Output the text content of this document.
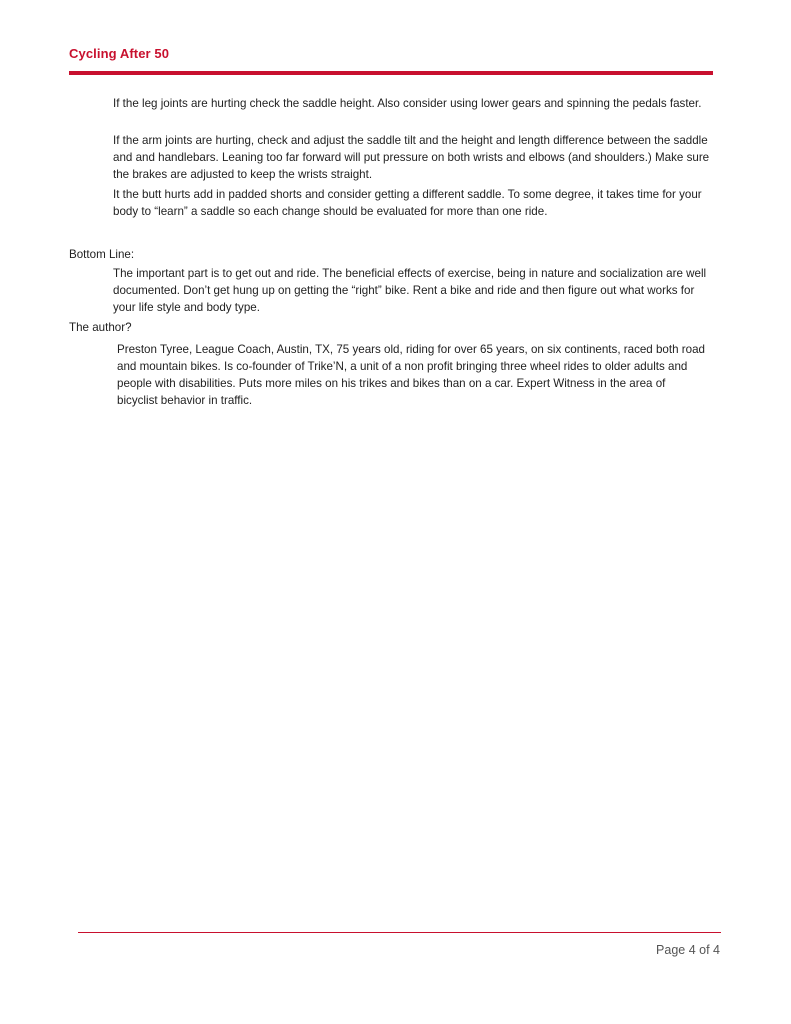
Cycling After 50

If the leg joints are hurting check the saddle height. Also consider using lower gears and spinning the pedals faster.

If the arm joints are hurting, check and adjust the saddle tilt and the height and length difference between the saddle and and handlebars. Leaning too far forward will put pressure on both wrists and elbows (and shoulders.) Make sure the brakes are adjusted to keep the wrists straight.

It the butt hurts add in padded shorts and consider getting a different saddle. To some degree, it takes time for your body to “learn” a saddle so each change should be evaluated for more than one ride.

Bottom Line:

The important part is to get out and ride. The beneficial effects of exercise, being in nature and socialization are well documented. Don’t get hung up on getting the “right” bike. Rent a bike and ride and then figure out what works for your life style and body type.

The author?

Preston Tyree, League Coach, Austin, TX, 75 years old, riding for over 65 years, on six continents, raced both road and mountain bikes. Is co-founder of Trike’N, a unit of a non profit bringing three wheel rides to older adults and people with disabilities. Puts more miles on his trikes and bikes than on a car. Expert Witness in the area of bicyclist behavior in traffic.

Page 4 of 4
